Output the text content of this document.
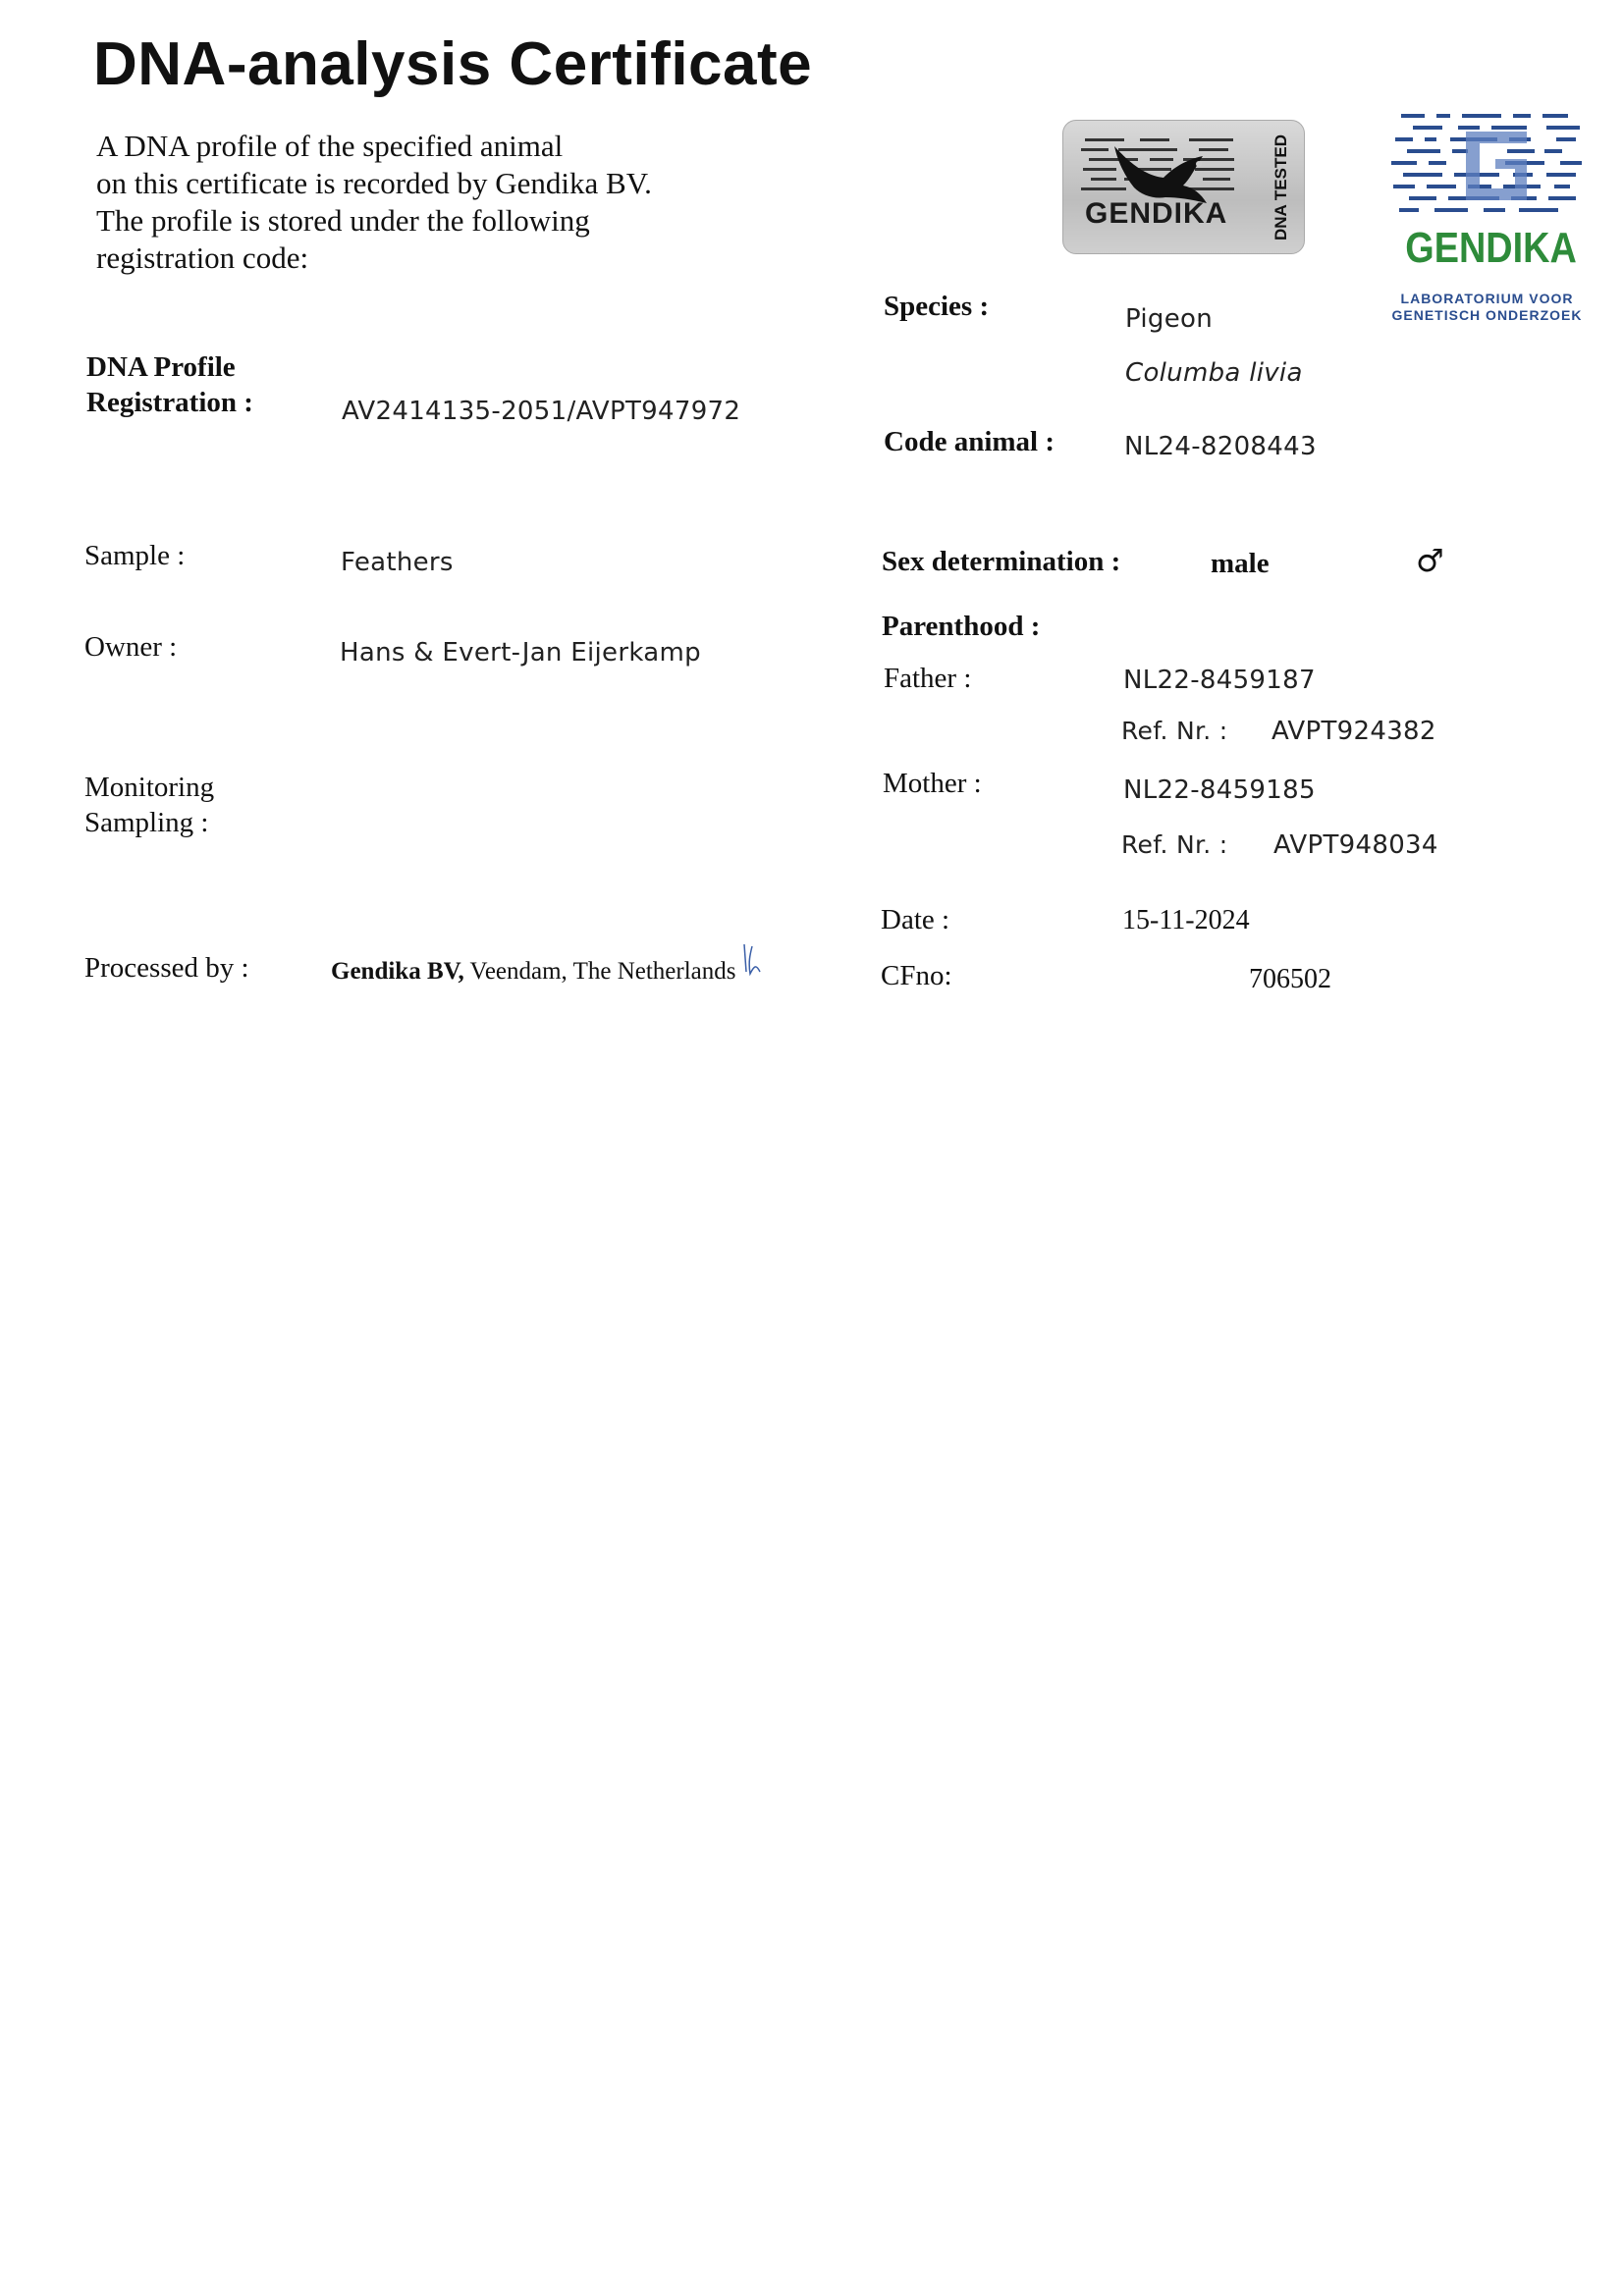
DNA-analysis Certificate
A DNA profile of the specified animal
on this certificate is recorded by Gendika BV.
The profile is stored under the following
registration code:
GENDIKA	DNA TESTED
GENDIKA
LABORATORIUM VOOR
GENETISCH ONDERZOEK
DNA Profile
Registration :	AV2414135-2051/AVPT947972
Sample :	Feathers
Owner :	Hans & Evert-Jan Eijerkamp
Monitoring
Sampling :
Processed by :	Gendika BV, Veendam, The Netherlands
Species :	Pigeon
Columba livia
Code animal :	NL24-8208443
Sex determination :	male	♂
Parenthood :
Father :	NL22-8459187
Ref. Nr. : AVPT924382
Mother :	NL22-8459185
Ref. Nr. : AVPT948034
Date :	15-11-2024
CFno:	706502
